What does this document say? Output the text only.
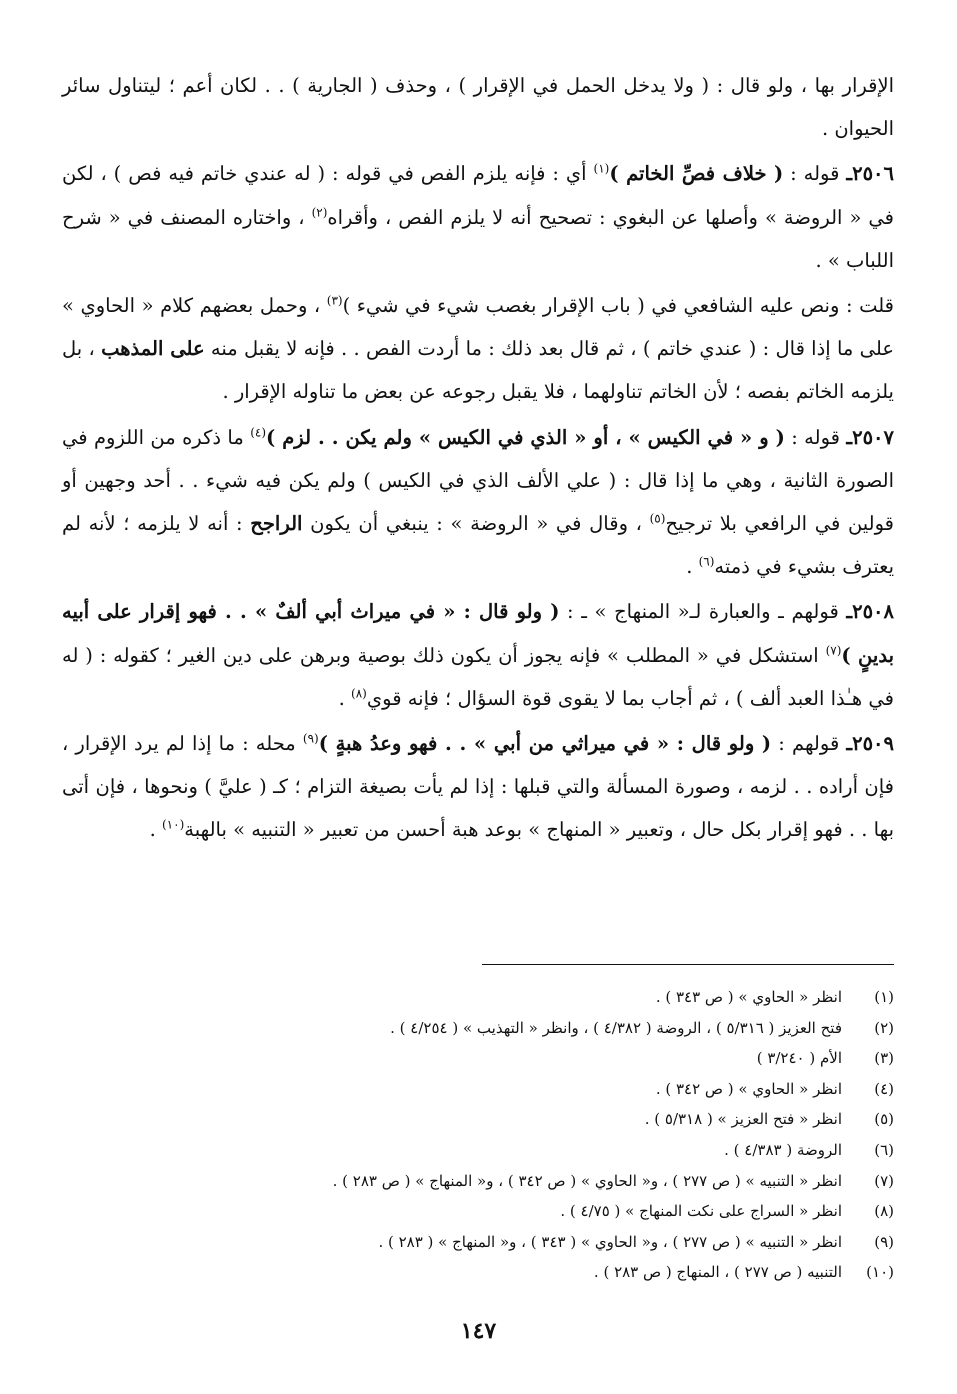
الإقرار بها ، ولو قال : ( ولا يدخل الحمل في الإقرار ) ، وحذف ( الجارية ) . . لكان أعم ؛ ليتناول سائر الحيوان .

٢٥٠٦ـ قوله : ( خلاف فصِّ الخاتم )$^{(١)}$ أي : فإنه يلزم الفص في قوله : ( له عندي خاتم فيه فص ) ، لكن في « الروضة » وأصلها عن البغوي : تصحيح أنه لا يلزم الفص ، وأقراه$^{(٢)}$ ، واختاره المصنف في « شرح اللباب » .

قلت : ونص عليه الشافعي في ( باب الإقرار بغصب شيء في شيء )$^{(٣)}$ ، وحمل بعضهم كلام « الحاوي » على ما إذا قال : ( عندي خاتم ) ، ثم قال بعد ذلك : ما أردت الفص . . فإنه لا يقبل منه على المذهب ، بل يلزمه الخاتم بفصه ؛ لأن الخاتم تناولهما ، فلا يقبل رجوعه عن بعض ما تناوله الإقرار .

٢٥٠٧ـ قوله : ( و « في الكيس » ، أو « الذي في الكيس » ولم يكن . . لزم )$^{(٤)}$ ما ذكره من اللزوم في الصورة الثانية ، وهي ما إذا قال : ( علي الألف الذي في الكيس ) ولم يكن فيه شيء . . أحد وجهين أو قولين في الرافعي بلا ترجيح$^{(٥)}$ ، وقال في « الروضة » : ينبغي أن يكون الراجح : أنه لا يلزمه ؛ لأنه لم يعترف بشيء في ذمته$^{(٦)}$ .

٢٥٠٨ـ قولهم ـ والعبارة لـ« المنهاج » ـ : ( ولو قال : « في ميراث أبي ألفٌ » . . فهو إقرار على أبيه بدينٍ )$^{(٧)}$ استشكل في « المطلب » فإنه يجوز أن يكون ذلك بوصية وبرهن على دين الغير ؛ كقوله : ( له في هـٰذا العبد ألف ) ، ثم أجاب بما لا يقوى قوة السؤال ؛ فإنه قوي$^{(٨)}$ .

٢٥٠٩ـ قولهم : ( ولو قال : « في ميراثي من أبي » . . فهو وعدُ هبةٍ )$^{(٩)}$ محله : ما إذا لم يرد الإقرار ، فإن أراده . . لزمه ، وصورة المسألة والتي قبلها : إذا لم يأت بصيغة التزام ؛ كـ ( عليَّ ) ونحوها ، فإن أتى بها . . فهو إقرار بكل حال ، وتعبير « المنهاج » بوعد هبة أحسن من تعبير « التنبيه » بالهبة$^{(١٠)}$ .

(١)انظر « الحاوي » ( ص ٣٤٣ ) .
(٢)فتح العزيز ( ٥/٣١٦ ) ، الروضة ( ٤/٣٨٢ ) ، وانظر « التهذيب » ( ٤/٢٥٤ ) .
(٣)الأم ( ٣/٢٤٠ )
(٤)انظر « الحاوي » ( ص ٣٤٢ ) .
(٥)انظر « فتح العزيز » ( ٥/٣١٨ ) .
(٦)الروضة ( ٤/٣٨٣ ) .
(٧)انظر « التنبيه » ( ص ٢٧٧ ) ، و« الحاوي » ( ص ٣٤٢ ) ، و« المنهاج » ( ص ٢٨٣ ) .
(٨)انظر « السراج على نكت المنهاج » ( ٤/٧٥ ) .
(٩)انظر « التنبيه » ( ص ٢٧٧ ) ، و« الحاوي » ( ٣٤٣ ) ، و« المنهاج » ( ٢٨٣ ) .
(١٠)التنبيه ( ص ٢٧٧ ) ، المنهاج ( ص ٢٨٣ ) .
١٤٧
